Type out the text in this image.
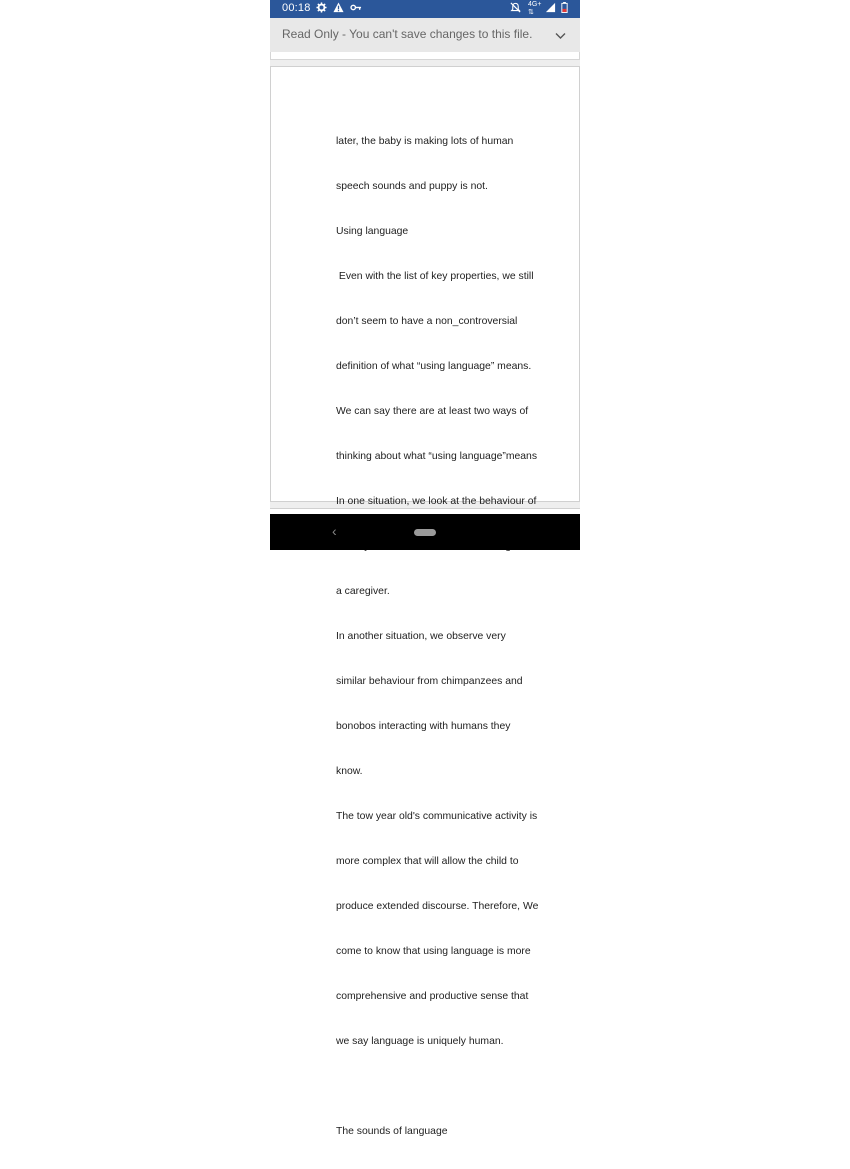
00:18	4G+
⇅
Read Only - You can't save changes to this file.

later, the baby is making lots of human

speech sounds and puppy is not.

Using language

Even with the list of key properties, we still

don’t seem to have a non_controversial

definition of what “using language” means.

We can say there are at least two ways of

thinking about what “using language”means

In one situation, we look at the behaviour of

a caregiver.

In another situation, we observe very

similar behaviour from chimpanzees and

bonobos interacting with humans they

know.

The tow year old's communicative activity is

more complex that will allow the child to

produce extended discourse. Therefore, We

come to know that using language is more

comprehensive and productive sense that

we say language is uniquely human.

The sounds of language

‹
